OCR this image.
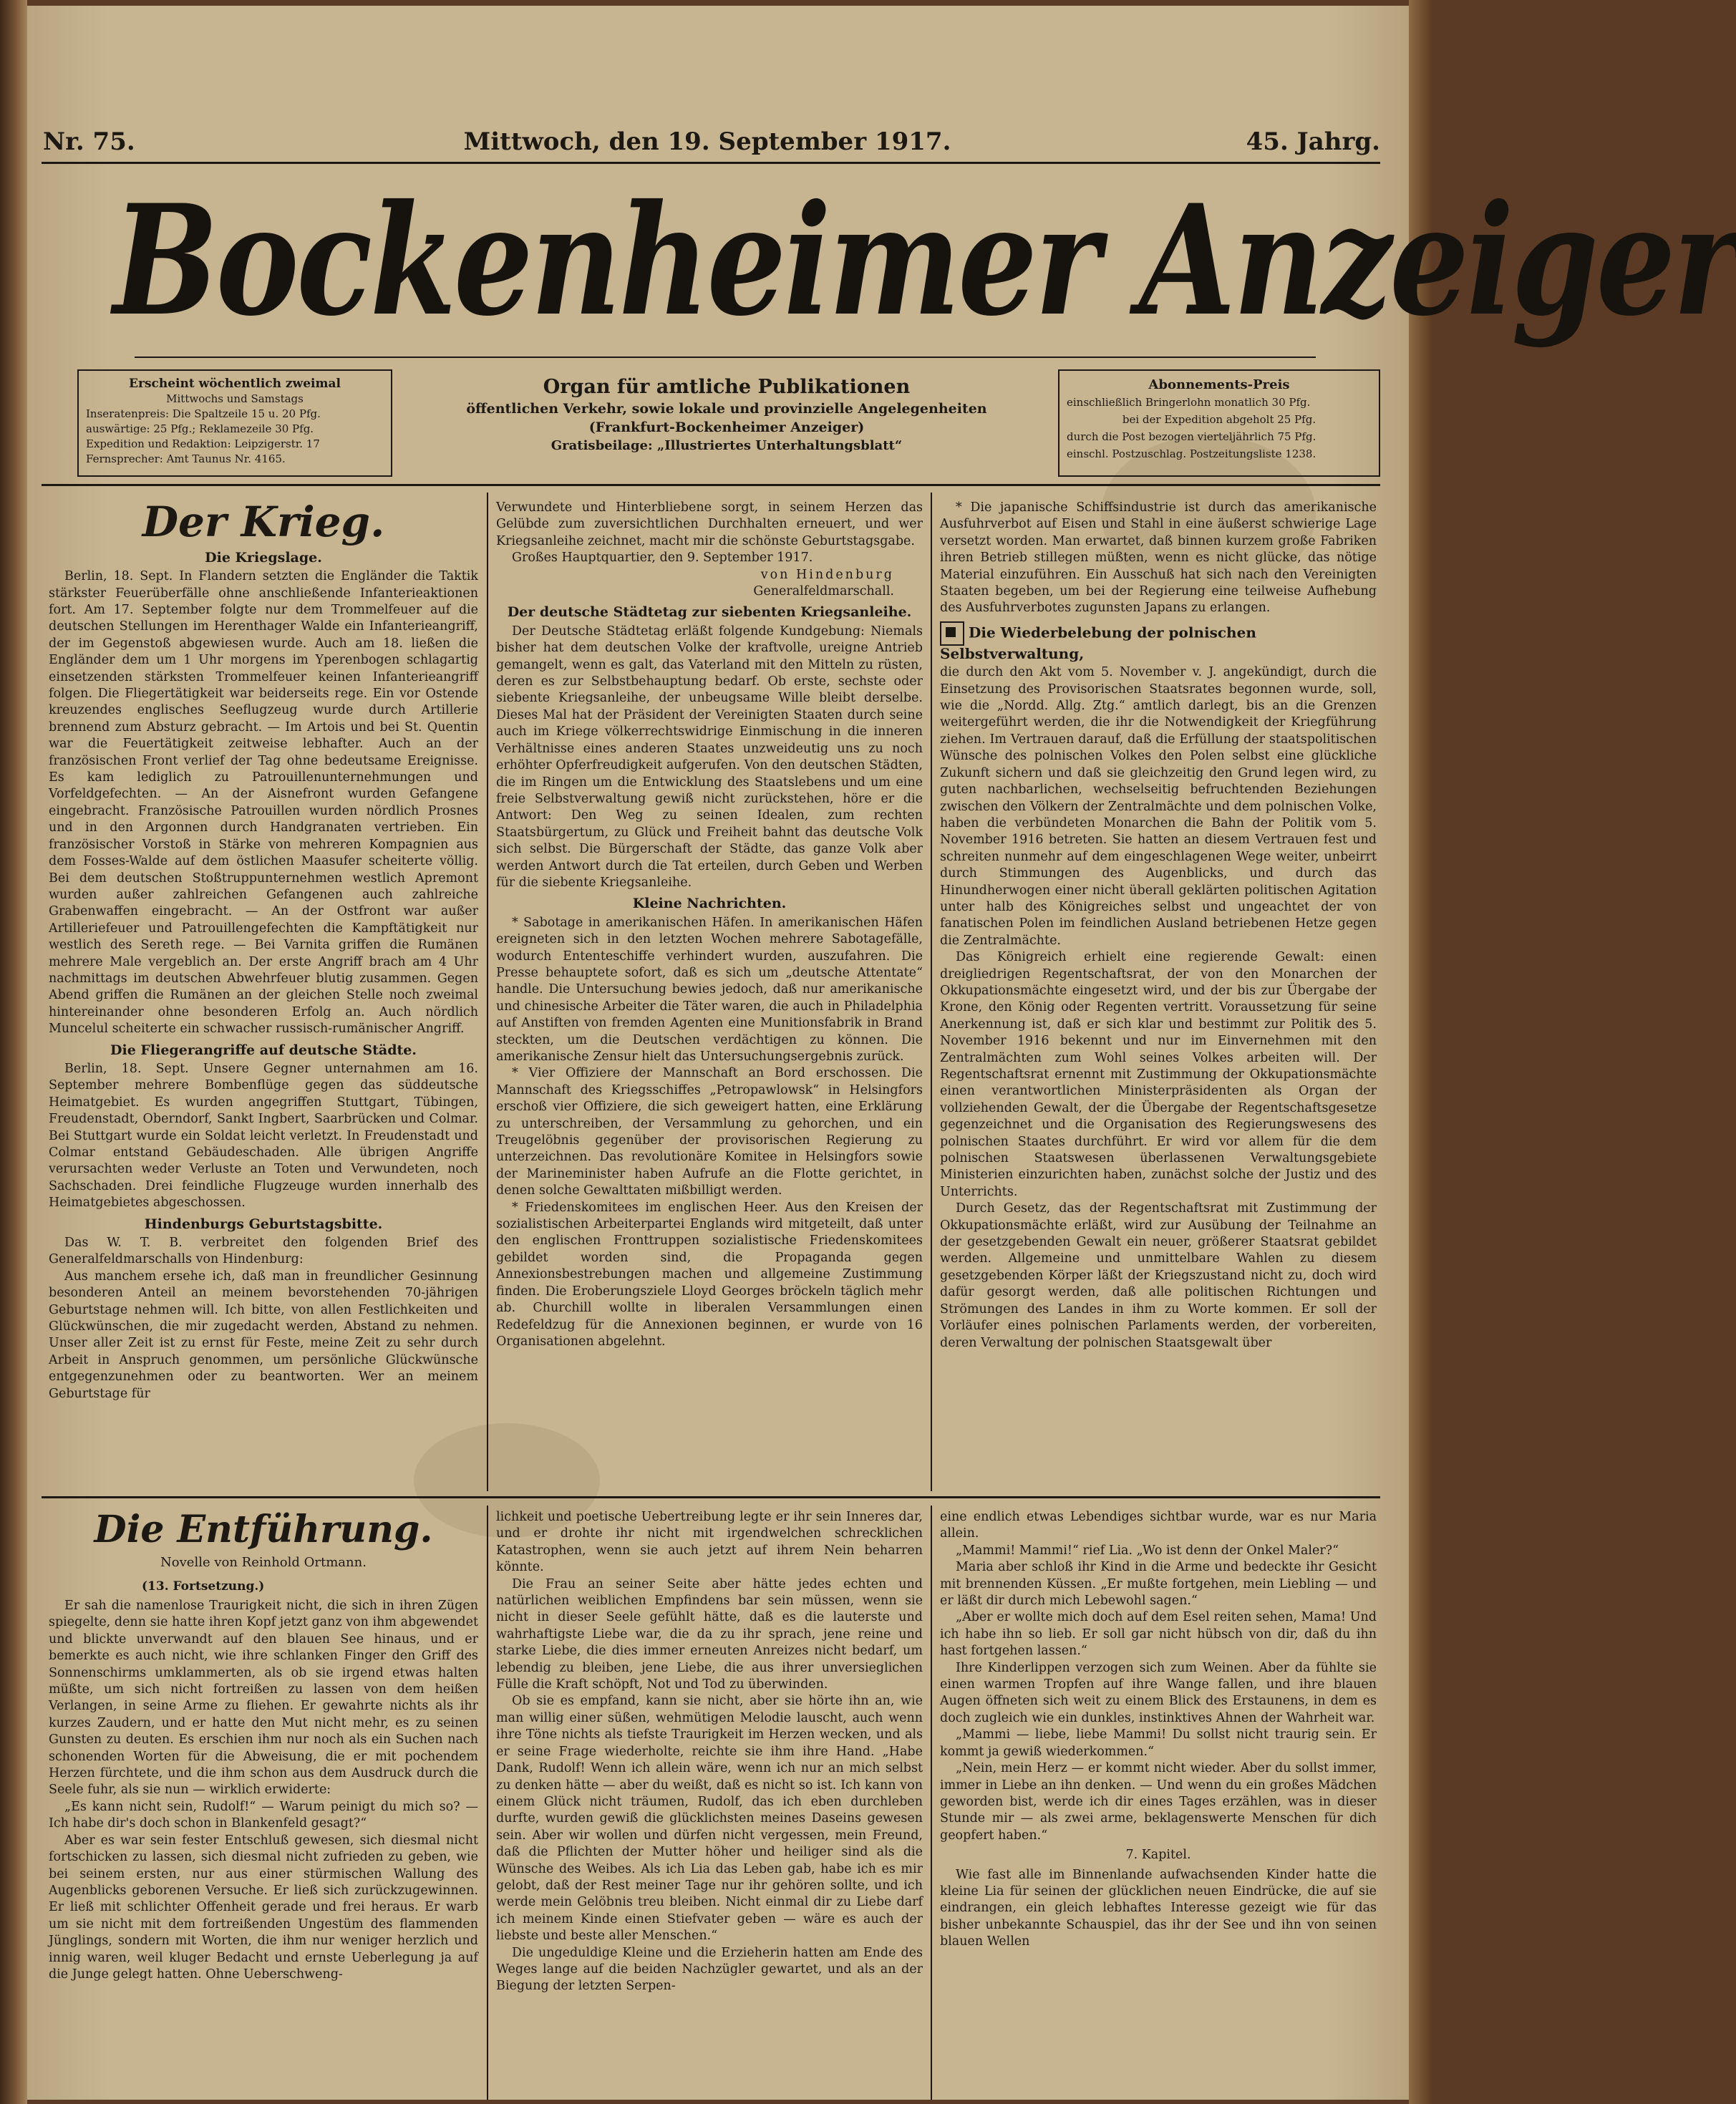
Nr. 75.	Mittwoch, den 19. September 1917.	45. Jahrg.
Bockenheimer Anzeiger
Erscheint wöchentlich zweimal
Mittwochs und Samstags
Inseratenpreis: Die Spaltzeile 15 u. 20 Pfg.
auswärtige: 25 Pfg.; Reklamezeile 30 Pfg.
Expedition und Redaktion: Leipzigerstr. 17
Fernsprecher: Amt Taunus Nr. 4165.
Organ für amtliche Publikationen
öffentlichen Verkehr, sowie lokale und provinzielle Angelegenheiten
(Frankfurt-Bockenheimer Anzeiger)
Gratisbeilage: „Illustriertes Unterhaltungsblatt“
Abonnements-Preis
einschließlich Bringerlohn monatlich 30 Pfg.
bei der Expedition abgeholt 25 Pfg.
durch die Post bezogen vierteljährlich 75 Pfg.
einschl. Postzuschlag. Postzeitungsliste 1238.
Der Krieg.
Die Kriegslage.

Berlin, 18. Sept. In Flandern setzten die Engländer die Taktik stärkster Feuerüberfälle ohne anschließende Infanterieaktionen fort. Am 17. September folgte nur dem Trommelfeuer auf die deutschen Stellungen im Herenthager Walde ein Infanterieangriff, der im Gegenstoß abgewiesen wurde. Auch am 18. ließen die Engländer dem um 1 Uhr morgens im Yperenbogen schlagartig einsetzenden stärksten Trommelfeuer keinen Infanterieangriff folgen. Die Fliegertätigkeit war beiderseits rege. Ein vor Ostende kreuzendes englisches Seeflugzeug wurde durch Artillerie brennend zum Absturz gebracht. — Im Artois und bei St. Quentin war die Feuertätigkeit zeitweise lebhafter. Auch an der französischen Front verlief der Tag ohne bedeutsame Ereignisse. Es kam lediglich zu Patrouillenunternehmungen und Vorfeldgefechten. — An der Aisnefront wurden Gefangene eingebracht. Französische Patrouillen wurden nördlich Prosnes und in den Argonnen durch Handgranaten vertrieben. Ein französischer Vorstoß in Stärke von mehreren Kompagnien aus dem Fosses-Walde auf dem östlichen Maasufer scheiterte völlig. Bei dem deutschen Stoßtruppunternehmen westlich Apremont wurden außer zahlreichen Gefangenen auch zahlreiche Grabenwaffen eingebracht. — An der Ostfront war außer Artilleriefeuer und Patrouillengefechten die Kampftätigkeit nur westlich des Sereth rege. — Bei Varnita griffen die Rumänen mehrere Male vergeblich an. Der erste Angriff brach am 4 Uhr nachmittags im deutschen Abwehrfeuer blutig zusammen. Gegen Abend griffen die Rumänen an der gleichen Stelle noch zweimal hintereinander ohne besonderen Erfolg an. Auch nördlich Muncelul scheiterte ein schwacher russisch-rumänischer Angriff.

Die Fliegerangriffe auf deutsche Städte.

Berlin, 18. Sept. Unsere Gegner unternahmen am 16. September mehrere Bombenflüge gegen das süddeutsche Heimatgebiet. Es wurden angegriffen Stuttgart, Tübingen, Freudenstadt, Oberndorf, Sankt Ingbert, Saarbrücken und Colmar. Bei Stuttgart wurde ein Soldat leicht verletzt. In Freudenstadt und Colmar entstand Gebäudeschaden. Alle übrigen Angriffe verursachten weder Verluste an Toten und Verwundeten, noch Sachschaden. Drei feindliche Flugzeuge wurden innerhalb des Heimatgebietes abgeschossen.

Hindenburgs Geburtstagsbitte.

Das W. T. B. verbreitet den folgenden Brief des Generalfeldmarschalls von Hindenburg:

Aus manchem ersehe ich, daß man in freundlicher Gesinnung besonderen Anteil an meinem bevorstehenden 70-jährigen Geburtstage nehmen will. Ich bitte, von allen Festlichkeiten und Glückwünschen, die mir zugedacht werden, Abstand zu nehmen. Unser aller Zeit ist zu ernst für Feste, meine Zeit zu sehr durch Arbeit in Anspruch genommen, um persönliche Glückwünsche entgegenzunehmen oder zu beantworten. Wer an meinem Geburtstage für

Verwundete und Hinterbliebene sorgt, in seinem Herzen das Gelübde zum zuversichtlichen Durchhalten erneuert, und wer Kriegsanleihe zeichnet, macht mir die schönste Geburtstagsgabe.

Großes Hauptquartier, den 9. September 1917.

von Hindenburg
Generalfeldmarschall.
Der deutsche Städtetag zur siebenten Kriegsanleihe.

Der Deutsche Städtetag erläßt folgende Kundgebung: Niemals bisher hat dem deutschen Volke der kraftvolle, ureigne Antrieb gemangelt, wenn es galt, das Vaterland mit den Mitteln zu rüsten, deren es zur Selbstbehauptung bedarf. Ob erste, sechste oder siebente Kriegsanleihe, der unbeugsame Wille bleibt derselbe. Dieses Mal hat der Präsident der Vereinigten Staaten durch seine auch im Kriege völkerrechtswidrige Einmischung in die inneren Verhältnisse eines anderen Staates unzweideutig uns zu noch erhöhter Opferfreudigkeit aufgerufen. Von den deutschen Städten, die im Ringen um die Entwicklung des Staatslebens und um eine freie Selbstverwaltung gewiß nicht zurückstehen, höre er die Antwort: Den Weg zu seinen Idealen, zum rechten Staatsbürgertum, zu Glück und Freiheit bahnt das deutsche Volk sich selbst. Die Bürgerschaft der Städte, das ganze Volk aber werden Antwort durch die Tat erteilen, durch Geben und Werben für die siebente Kriegsanleihe.

Kleine Nachrichten.

* Sabotage in amerikanischen Häfen. In amerikanischen Häfen ereigneten sich in den letzten Wochen mehrere Sabotagefälle, wodurch Ententeschiffe verhindert wurden, auszufahren. Die Presse behauptete sofort, daß es sich um „deutsche Attentate“ handle. Die Untersuchung bewies jedoch, daß nur amerikanische und chinesische Arbeiter die Täter waren, die auch in Philadelphia auf Anstiften von fremden Agenten eine Munitionsfabrik in Brand steckten, um die Deutschen verdächtigen zu können. Die amerikanische Zensur hielt das Untersuchungsergebnis zurück.

* Vier Offiziere der Mannschaft an Bord erschossen. Die Mannschaft des Kriegsschiffes „Petropawlowsk“ in Helsingfors erschoß vier Offiziere, die sich geweigert hatten, eine Erklärung zu unterschreiben, der Versammlung zu gehorchen, und ein Treugelöbnis gegenüber der provisorischen Regierung zu unterzeichnen. Das revolutionäre Komitee in Helsingfors sowie der Marineminister haben Aufrufe an die Flotte gerichtet, in denen solche Gewalttaten mißbilligt werden.

* Friedenskomitees im englischen Heer. Aus den Kreisen der sozialistischen Arbeiterpartei Englands wird mitgeteilt, daß unter den englischen Fronttruppen sozialistische Friedenskomitees gebildet worden sind, die Propaganda gegen Annexionsbestrebungen machen und allgemeine Zustimmung finden. Die Eroberungsziele Lloyd Georges bröckeln täglich mehr ab. Churchill wollte in liberalen Versammlungen einen Redefeldzug für die Annexionen beginnen, er wurde von 16 Organisationen abgelehnt.

* Die japanische Schiffsindustrie ist durch das amerikanische Ausfuhrverbot auf Eisen und Stahl in eine äußerst schwierige Lage versetzt worden. Man erwartet, daß binnen kurzem große Fabriken ihren Betrieb stillegen müßten, wenn es nicht glücke, das nötige Material einzuführen. Ein Ausschuß hat sich nach den Vereinigten Staaten begeben, um bei der Regierung eine teilweise Aufhebung des Ausfuhrverbotes zugunsten Japans zu erlangen.

Die Wiederbelebung der polnischen Selbstverwaltung,

die durch den Akt vom 5. November v. J. angekündigt, durch die Einsetzung des Provisorischen Staatsrates begonnen wurde, soll, wie die „Nordd. Allg. Ztg.“ amtlich darlegt, bis an die Grenzen weitergeführt werden, die ihr die Notwendigkeit der Kriegführung ziehen. Im Vertrauen darauf, daß die Erfüllung der staatspolitischen Wünsche des polnischen Volkes den Polen selbst eine glückliche Zukunft sichern und daß sie gleichzeitig den Grund legen wird, zu guten nachbarlichen, wechselseitig befruchtenden Beziehungen zwischen den Völkern der Zentralmächte und dem polnischen Volke, haben die verbündeten Monarchen die Bahn der Politik vom 5. November 1916 betreten. Sie hatten an diesem Vertrauen fest und schreiten nunmehr auf dem eingeschlagenen Wege weiter, unbeirrt durch Stimmungen des Augenblicks, und durch das Hinundherwogen einer nicht überall geklärten politischen Agitation unter halb des Königreiches selbst und ungeachtet der von fanatischen Polen im feindlichen Ausland betriebenen Hetze gegen die Zentralmächte.

Das Königreich erhielt eine regierende Gewalt: einen dreigliedrigen Regentschaftsrat, der von den Monarchen der Okkupationsmächte eingesetzt wird, und der bis zur Übergabe der Krone, den König oder Regenten vertritt. Voraussetzung für seine Anerkennung ist, daß er sich klar und bestimmt zur Politik des 5. November 1916 bekennt und nur im Einvernehmen mit den Zentralmächten zum Wohl seines Volkes arbeiten will. Der Regentschaftsrat ernennt mit Zustimmung der Okkupationsmächte einen verantwortlichen Ministerpräsidenten als Organ der vollziehenden Gewalt, der die Übergabe der Regentschaftsgesetze gegenzeichnet und die Organisation des Regierungswesens des polnischen Staates durchführt. Er wird vor allem für die dem polnischen Staatswesen überlassenen Verwaltungsgebiete Ministerien einzurichten haben, zunächst solche der Justiz und des Unterrichts.

Durch Gesetz, das der Regentschaftsrat mit Zustimmung der Okkupationsmächte erläßt, wird zur Ausübung der Teilnahme an der gesetzgebenden Gewalt ein neuer, größerer Staatsrat gebildet werden. Allgemeine und unmittelbare Wahlen zu diesem gesetzgebenden Körper läßt der Kriegszustand nicht zu, doch wird dafür gesorgt werden, daß alle politischen Richtungen und Strömungen des Landes in ihm zu Worte kommen. Er soll der Vorläufer eines polnischen Parlaments werden, der vorbereiten, deren Verwaltung der polnischen Staatsgewalt über

Die Entführung.
Novelle von Reinhold Ortmann.
(13. Fortsetzung.)

Er sah die namenlose Traurigkeit nicht, die sich in ihren Zügen spiegelte, denn sie hatte ihren Kopf jetzt ganz von ihm abgewendet und blickte unverwandt auf den blauen See hinaus, und er bemerkte es auch nicht, wie ihre schlanken Finger den Griff des Sonnenschirms umklammerten, als ob sie irgend etwas halten müßte, um sich nicht fortreißen zu lassen von dem heißen Verlangen, in seine Arme zu fliehen. Er gewahrte nichts als ihr kurzes Zaudern, und er hatte den Mut nicht mehr, es zu seinen Gunsten zu deuten. Es erschien ihm nur noch als ein Suchen nach schonenden Worten für die Abweisung, die er mit pochendem Herzen fürchtete, und die ihm schon aus dem Ausdruck durch die Seele fuhr, als sie nun — wirklich erwiderte:

„Es kann nicht sein, Rudolf!“ — Warum peinigt du mich so? — Ich habe dir's doch schon in Blankenfeld gesagt?“

Aber es war sein fester Entschluß gewesen, sich diesmal nicht fortschicken zu lassen, sich diesmal nicht zufrieden zu geben, wie bei seinem ersten, nur aus einer stürmischen Wallung des Augenblicks geborenen Versuche. Er ließ sich zurückzugewinnen. Er ließ mit schlichter Offenheit gerade und frei heraus. Er warb um sie nicht mit dem fortreißenden Ungestüm des flammenden Jünglings, sondern mit Worten, die ihm nur weniger herzlich und innig waren, weil kluger Bedacht und ernste Ueberlegung ja auf die Junge gelegt hatten. Ohne Ueberschweng-

lichkeit und poetische Uebertreibung legte er ihr sein Inneres dar, und er drohte ihr nicht mit irgendwelchen schrecklichen Katastrophen, wenn sie auch jetzt auf ihrem Nein beharren könnte.

Die Frau an seiner Seite aber hätte jedes echten und natürlichen weiblichen Empfindens bar sein müssen, wenn sie nicht in dieser Seele gefühlt hätte, daß es die lauterste und wahrhaftigste Liebe war, die da zu ihr sprach, jene reine und starke Liebe, die dies immer erneuten Anreizes nicht bedarf, um lebendig zu bleiben, jene Liebe, die aus ihrer unversieglichen Fülle die Kraft schöpft, Not und Tod zu überwinden.

Ob sie es empfand, kann sie nicht, aber sie hörte ihn an, wie man willig einer süßen, wehmütigen Melodie lauscht, auch wenn ihre Töne nichts als tiefste Traurigkeit im Herzen wecken, und als er seine Frage wiederholte, reichte sie ihm ihre Hand. „Habe Dank, Rudolf! Wenn ich allein wäre, wenn ich nur an mich selbst zu denken hätte — aber du weißt, daß es nicht so ist. Ich kann von einem Glück nicht träumen, Rudolf, das ich eben durchleben durfte, wurden gewiß die glücklichsten meines Daseins gewesen sein. Aber wir wollen und dürfen nicht vergessen, mein Freund, daß die Pflichten der Mutter höher und heiliger sind als die Wünsche des Weibes. Als ich Lia das Leben gab, habe ich es mir gelobt, daß der Rest meiner Tage nur ihr gehören sollte, und ich werde mein Gelöbnis treu bleiben. Nicht einmal dir zu Liebe darf ich meinem Kinde einen Stiefvater geben — wäre es auch der liebste und beste aller Menschen.“

Die ungeduldige Kleine und die Erzieherin hatten am Ende des Weges lange auf die beiden Nachzügler gewartet, und als an der Biegung der letzten Serpen-

eine endlich etwas Lebendiges sichtbar wurde, war es nur Maria allein.

„Mammi! Mammi!“ rief Lia. „Wo ist denn der Onkel Maler?“

Maria aber schloß ihr Kind in die Arme und bedeckte ihr Gesicht mit brennenden Küssen. „Er mußte fortgehen, mein Liebling — und er läßt dir durch mich Lebewohl sagen.“

„Aber er wollte mich doch auf dem Esel reiten sehen, Mama! Und ich habe ihn so lieb. Er soll gar nicht hübsch von dir, daß du ihn hast fortgehen lassen.“

Ihre Kinderlippen verzogen sich zum Weinen. Aber da fühlte sie einen warmen Tropfen auf ihre Wange fallen, und ihre blauen Augen öffneten sich weit zu einem Blick des Erstaunens, in dem es doch zugleich wie ein dunkles, instinktives Ahnen der Wahrheit war.

„Mammi — liebe, liebe Mammi! Du sollst nicht traurig sein. Er kommt ja gewiß wiederkommen.“

„Nein, mein Herz — er kommt nicht wieder. Aber du sollst immer, immer in Liebe an ihn denken. — Und wenn du ein großes Mädchen geworden bist, werde ich dir eines Tages erzählen, was in dieser Stunde mir — als zwei arme, beklagenswerte Menschen für dich geopfert haben.“

7. Kapitel.

Wie fast alle im Binnenlande aufwachsenden Kinder hatte die kleine Lia für seinen der glücklichen neuen Eindrücke, die auf sie eindrangen, ein gleich lebhaftes Interesse gezeigt wie für das bisher unbekannte Schauspiel, das ihr der See und ihn von seinen blauen Wellen
